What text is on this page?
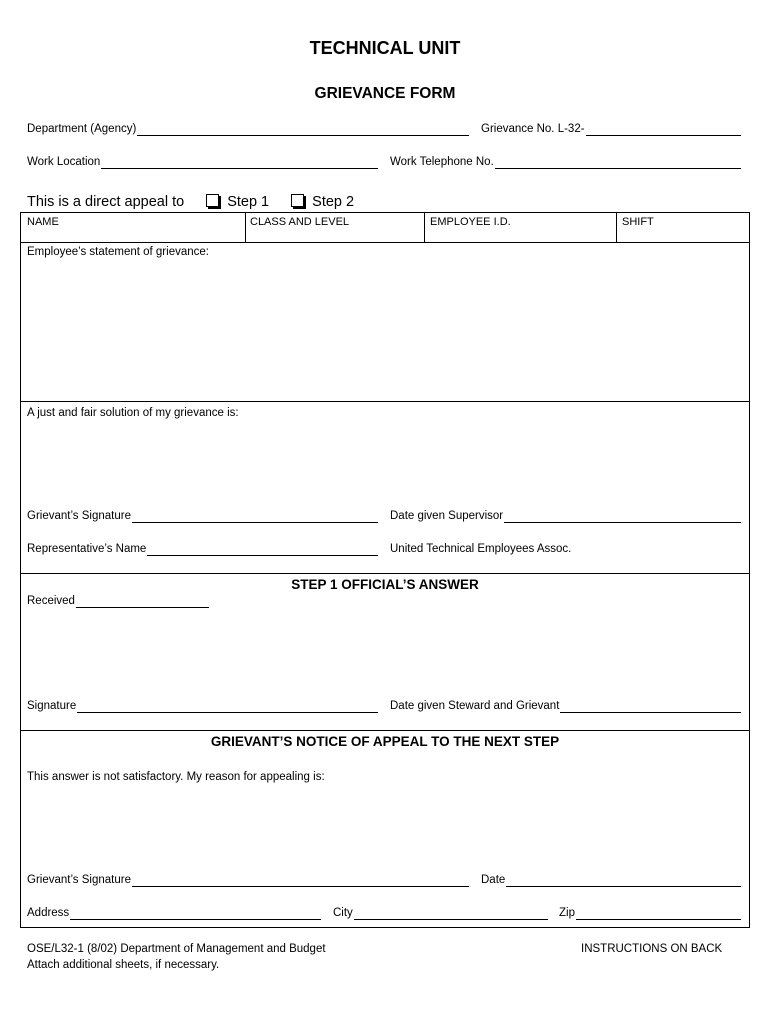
TECHNICAL UNIT
GRIEVANCE FORM
Department (Agency)	Grievance No. L-32-
Work Location	Work Telephone No.
This is a direct appeal to	Step 1	Step 2
NAME	CLASS AND LEVEL	EMPLOYEE I.D.	SHIFT
Employee’s statement of grievance:
A just and fair solution of my grievance is:
Grievant’s Signature	Date given Supervisor
Representative’s Name	United Technical Employees Assoc.
STEP 1 OFFICIAL’S ANSWER
Received
Signature	Date given Steward and Grievant
GRIEVANT’S NOTICE OF APPEAL TO THE NEXT STEP
This answer is not satisfactory. My reason for appealing is:
Grievant’s Signature	Date
Address	City	Zip
OSE/L32-1 (8/02) Department of Management and Budget
Attach additional sheets, if necessary.
INSTRUCTIONS ON BACK
